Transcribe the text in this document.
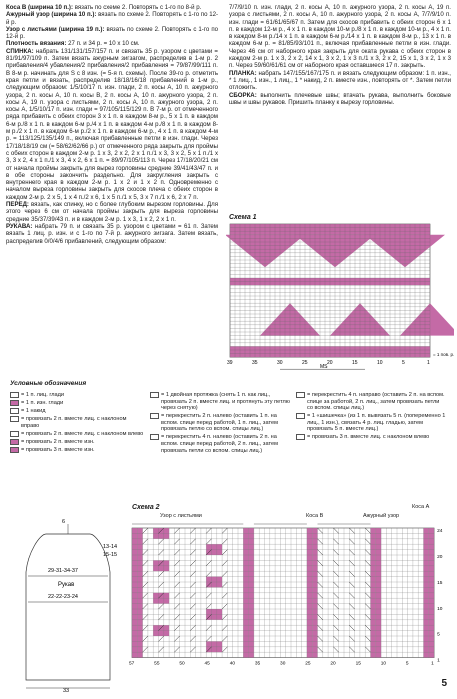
Коса В (ширина 10 п.): вязать по схеме 2. Повторять с 1-го по 8-й р.

Ажурный узор (ширина 10 п.): вязать по схеме 2. Повторять с 1-го по 12-й р.

Узор с листьями (ширина 19 п.): вязать по схеме 2. Повторять с 1-го по 12-й р.

Плотность вязания: 27 п. и 34 р. = 10 х 10 см.

СПИНКА: набрать 131/131/157/157 п. и связать 35 р. узором с цветами = 81/91/97/109 п. Затем вязать ажурным зигзагом, распределив в 1-м р. 2 прибавления/4 убавления/2 прибавления/2 прибавления = 79/87/99/111 п. В 8-м р. начинать для S с 8 изн. (= 5-я п. схемы). После 39-го р. отметить края петли и вязать, распределив 18/18/16/18 прибавлений в 1-м р., следующим образом: 1/5/10/17 п. изн. глади, 2 п. косы А, 10 п. ажурного узора, 2 п. косы А, 10 п. косы В, 2 п. косы А, 10 п. ажурного узора, 2 п. косы А, 19 п. узора с листьями, 2 п. косы А, 10 п. ажурного узора, 2 п. косы А, 1/5/10/17 п. изн. глади = 97/105/115/129 п. В 7-м р. от отмеченного ряда прибавить с обеих сторон 3 х 1 п. в каждом 8-м р., 5 х 1 п. в каждом 6-м р./8 х 1 п. в каждом 6-м р./4 х 1 п. в каждом 4-м р./8 х 1 п. в каждом 8-м р./2 х 1 п. в каждом 6-м р./2 х 1 п. в каждом 6-м р., 4 х 1 п. в каждом 4-м р. = 113/125/135/149 п., включая прибавленные петли в изн. глади. Через 17/18/18/19 см (= 58/62/62/66 р.) от отмеченного ряда закрыть для проймы с обеих сторон в каждом 2-м р. 1 х 3, 2 х 2, 2 х 1 п./1 х 3, 3 х 2, 5 х 1 п./1 х 3, 3 х 2, 4 х 1 п./1 х 3, 4 х 2, 6 х 1 п. = 89/97/105/113 п. Через 17/18/20/21 см от начала проймы закрыть для вырез горловины средние 39/41/43/47 п. и в обе стороны закончить раздельно. Для закругления закрыть с внутреннего края в каждом 2-м р. 1 х 2 и 1 х 2 п. Одновременно с началом выреза горловины закрыть для скосов плеча с обеих сторон в каждом 2-м р. 2 х 5, 1 х 4 п./2 х 6, 1 х 5 п./1 х 5, 3 х 7 п./1 х 6, 2 х 7 п.

ПЕРЕД: вязать, как спинку, но с более глубоким вырезом горловины. Для этого через 6 см от начала проймы закрыть для выреза горловины средние 35/37/39/43 п. и в каждом 2-м р. 1 х 3, 1 х 2, 2 х 1 п.

РУКАВА: набрать 79 п. и связать 35 р. узором с цветами = 61 п. Затем вязать 1 лиц. р. изн. и с 1-го по 7-й р. ажурного зигзага. Затем вязать, распределив 0/0/4/6 прибавлений, следующим образом:

7/7/9/10 п. изн. глади, 2 п. косы А, 10 п. ажурного узора, 2 п. косы А, 19 п. узора с листьями, 2 п. косы А, 10 п. ажурного узора, 2 п. косы А, 7/7/9/10 п. изн. глади = 61/61/65/67 п. Затем для скосов прибавить с обеих сторон 6 х 1 п. в каждом 12-м р., 4 х 1 п. в каждом 10-м р./8 х 1 п. в каждом 10-м р., 4 х 1 п. в каждом 8-м р./14 х 1 п. в каждом 6-м р./14 х 1 п. в каждом 8-м р., 13 х 1 п. в каждом 6-м р. = 81/85/93/101 п., включая прибавленные петли в изн. глади. Через 46 см от наборного края закрыть для оката рукава с обеих сторон в каждом 2-м р. 1 х 3, 2 х 2, 14 х 1, 3 х 2, 1 х 3 п./1 х 3, 2 х 2, 15 х 1, 3 х 2, 1 х 3 п. Через 59/60/61/61 см от наборного края оставшиеся 17 п. закрыть.

ПЛАНКА: набрать 147/155/167/175 п. и вязать следующим образом: 1 п. изн., * 1 лиц., 1 изн., 1 лиц., 1 * накид, 2 п. вместе изн., повторять от *. Затем петли отложить.

СБОРКА: выполнить плечевые швы; втачать рукава, выполнить боковые швы и швы рукавов. Пришить планку к вырезу горловины.

Схема 1
39	35	30	25	20	15	10	5	1
= 1 пов. р.
MS
Условные обозначения
= 1 п. лиц. глади
= 1 п. изн. глади
= 1 накид
= провязать 2 п. вместе лиц. с наклоном вправо
= провязать 2 п. вместе лиц. с наклоном влево
= провязать 2 п. вместе изн.
= провязать 3 п. вместе изн.
= 1 двойная протяжка (снять 1 п. как лиц., провязать 2 п. вместе лиц. и протянуть эту петлю через снятую)
= перекрестить 2 п. налево (оставить 1 п. на вспом. спице перед работой, 1 п. лиц., затем провязать петлю со вспом. спицы лиц.)
= перекрестить 4 п. налево (оставить 2 п. на вспом. спице перед работой, 2 п. лиц., затем провязать петли со вспом. спицы лиц.)
= перекрестить 4 п. направо (оставить 2 п. на вспом. спице за работой, 2 п. лиц., затем провязать петли со вспом. спицы лиц.)
= 1 «шишечка» (из 1 п. вывязать 5 п. (попеременно 1 лиц., 1 изн.), связать 4 р. лиц. гладью, затем провязать 5 п. вместе лиц.)
= провязать 3 п. вместе лиц. с наклоном влево
6
13-14
15-15
29-31-34-37
Рукав
22-22-23-24
33
Схема 2
Узор с листьями	Коса В	Ажурный узор
Коса А
57	55	50	45	40	35	30	25	20	15	10	5	1
24
20
15
10
5
1
5
